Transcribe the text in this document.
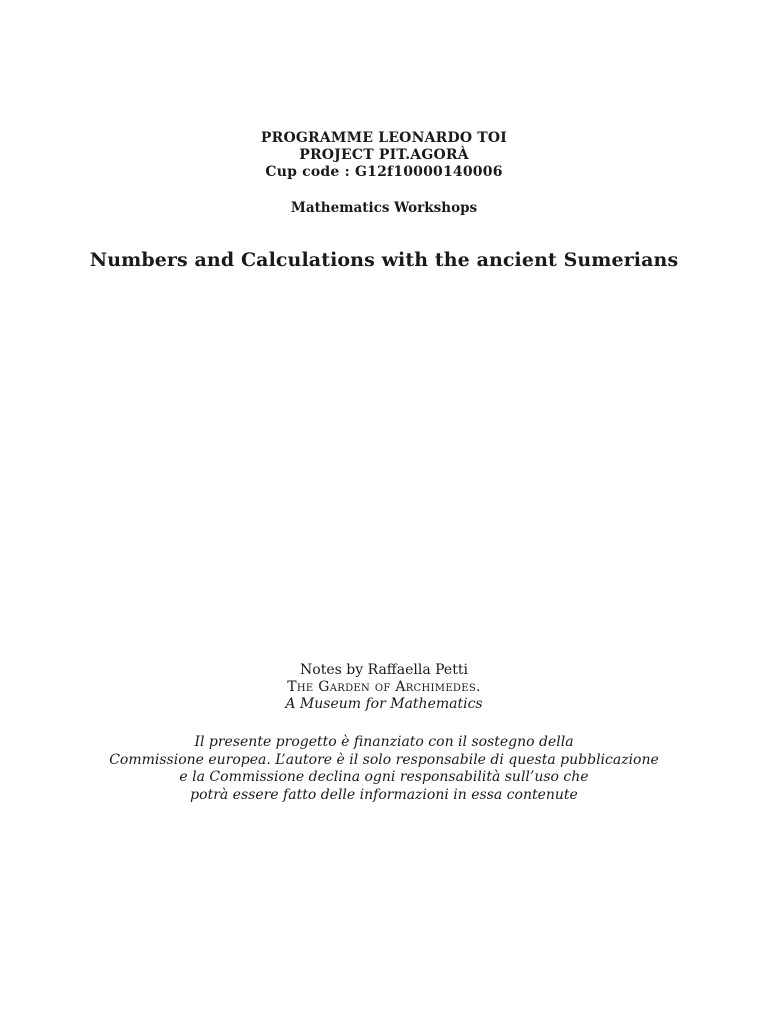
PROGRAMME LEONARDO TOI
PROJECT PIT.AGORÀ
Cup code : G12f10000140006
Mathematics Workshops
Numbers and Calculations with the ancient Sumerians
Notes by Raffaella Petti
The Garden of Archimedes.
A Museum for Mathematics
Il presente progetto è finanziato con il sostegno della
Commissione europea. L’autore è il solo responsabile di questa pubblicazione
e la Commissione declina ogni responsabilità sull’uso che
potrà essere fatto delle informazioni in essa contenute
